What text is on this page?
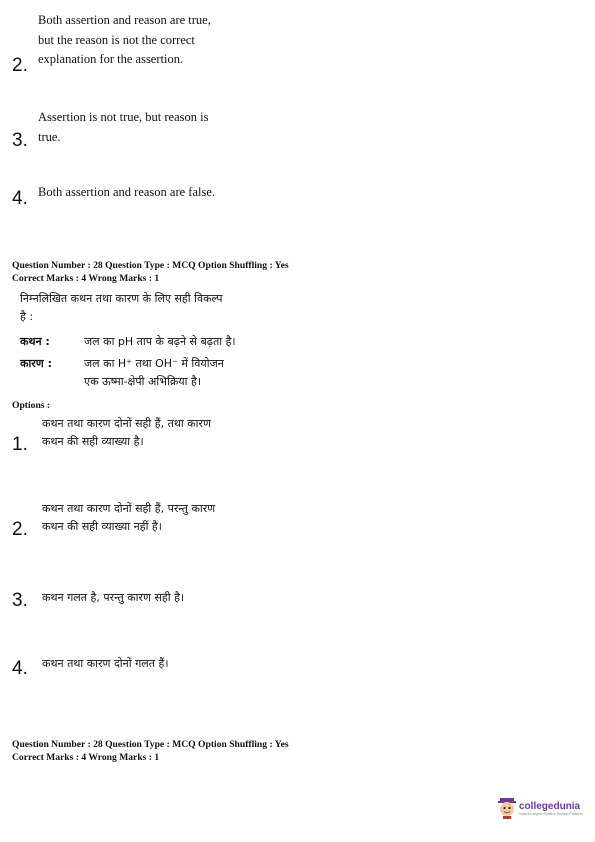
Both assertion and reason are true,
but the reason is not the correct
explanation for the assertion.
2.
Assertion is not true, but reason is
true.
3.
Both assertion and reason are false.
4.
Question Number : 28 Question Type : MCQ Option Shuffling : Yes
Correct Marks : 4 Wrong Marks : 1
निम्नलिखित कथन तथा कारण के लिए सही विकल्प
है :
कथन :	जल का pH ताप के बढ़ने से बढ़ता है।
कारण :	जल का H⁺ तथा OH⁻ में वियोजन
एक ऊष्मा-क्षेपी अभिक्रिया है।
Options :
कथन तथा कारण दोनों सही हैं, तथा कारण
कथन की सही व्याख्या है।
1.
कथन तथा कारण दोनों सही हैं, परन्तु कारण
कथन की सही व्याख्या नहीं है।
2.
कथन गलत है, परन्तु कारण सही है।
3.
कथन तथा कारण दोनों गलत हैं।
4.
Question Number : 28 Question Type : MCQ Option Shuffling : Yes
Correct Marks : 4 Wrong Marks : 1
collegedunia
India's Largest Student Review Platform
